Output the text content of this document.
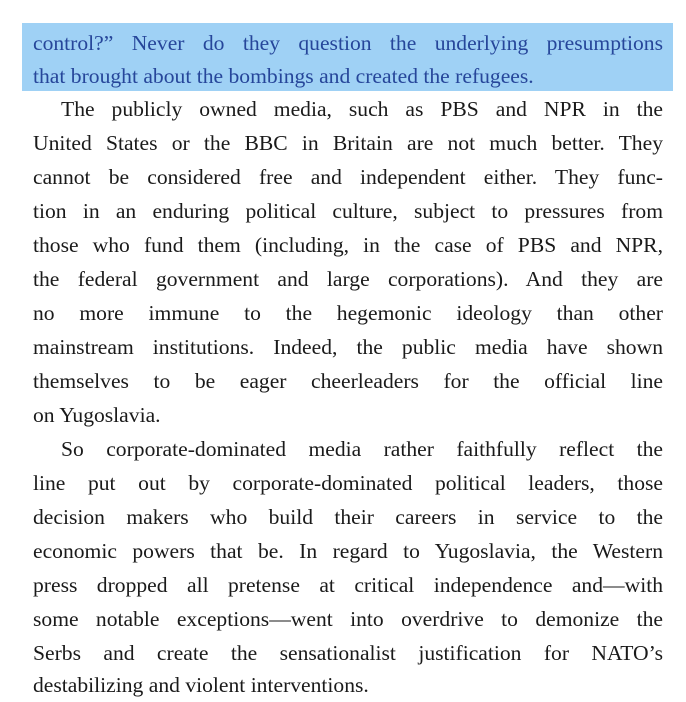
control?” Never do they question the underlying presumptions
that brought about the bombings and created the refugees.
The publicly owned media, such as PBS and NPR in the
United States or the BBC in Britain are not much better. They
cannot be considered free and independent either. They func-
tion in an enduring political culture, subject to pressures from
those who fund them (including, in the case of PBS and NPR,
the federal government and large corporations). And they are
no more immune to the hegemonic ideology than other
mainstream institutions. Indeed, the public media have shown
themselves to be eager cheerleaders for the official line
on Yugoslavia.
So corporate-dominated media rather faithfully reflect the
line put out by corporate-dominated political leaders, those
decision makers who build their careers in service to the
economic powers that be. In regard to Yugoslavia, the Western
press dropped all pretense at critical independence and—with
some notable exceptions—went into overdrive to demonize the
Serbs and create the sensationalist justification for NATO’s
destabilizing and violent interventions.
